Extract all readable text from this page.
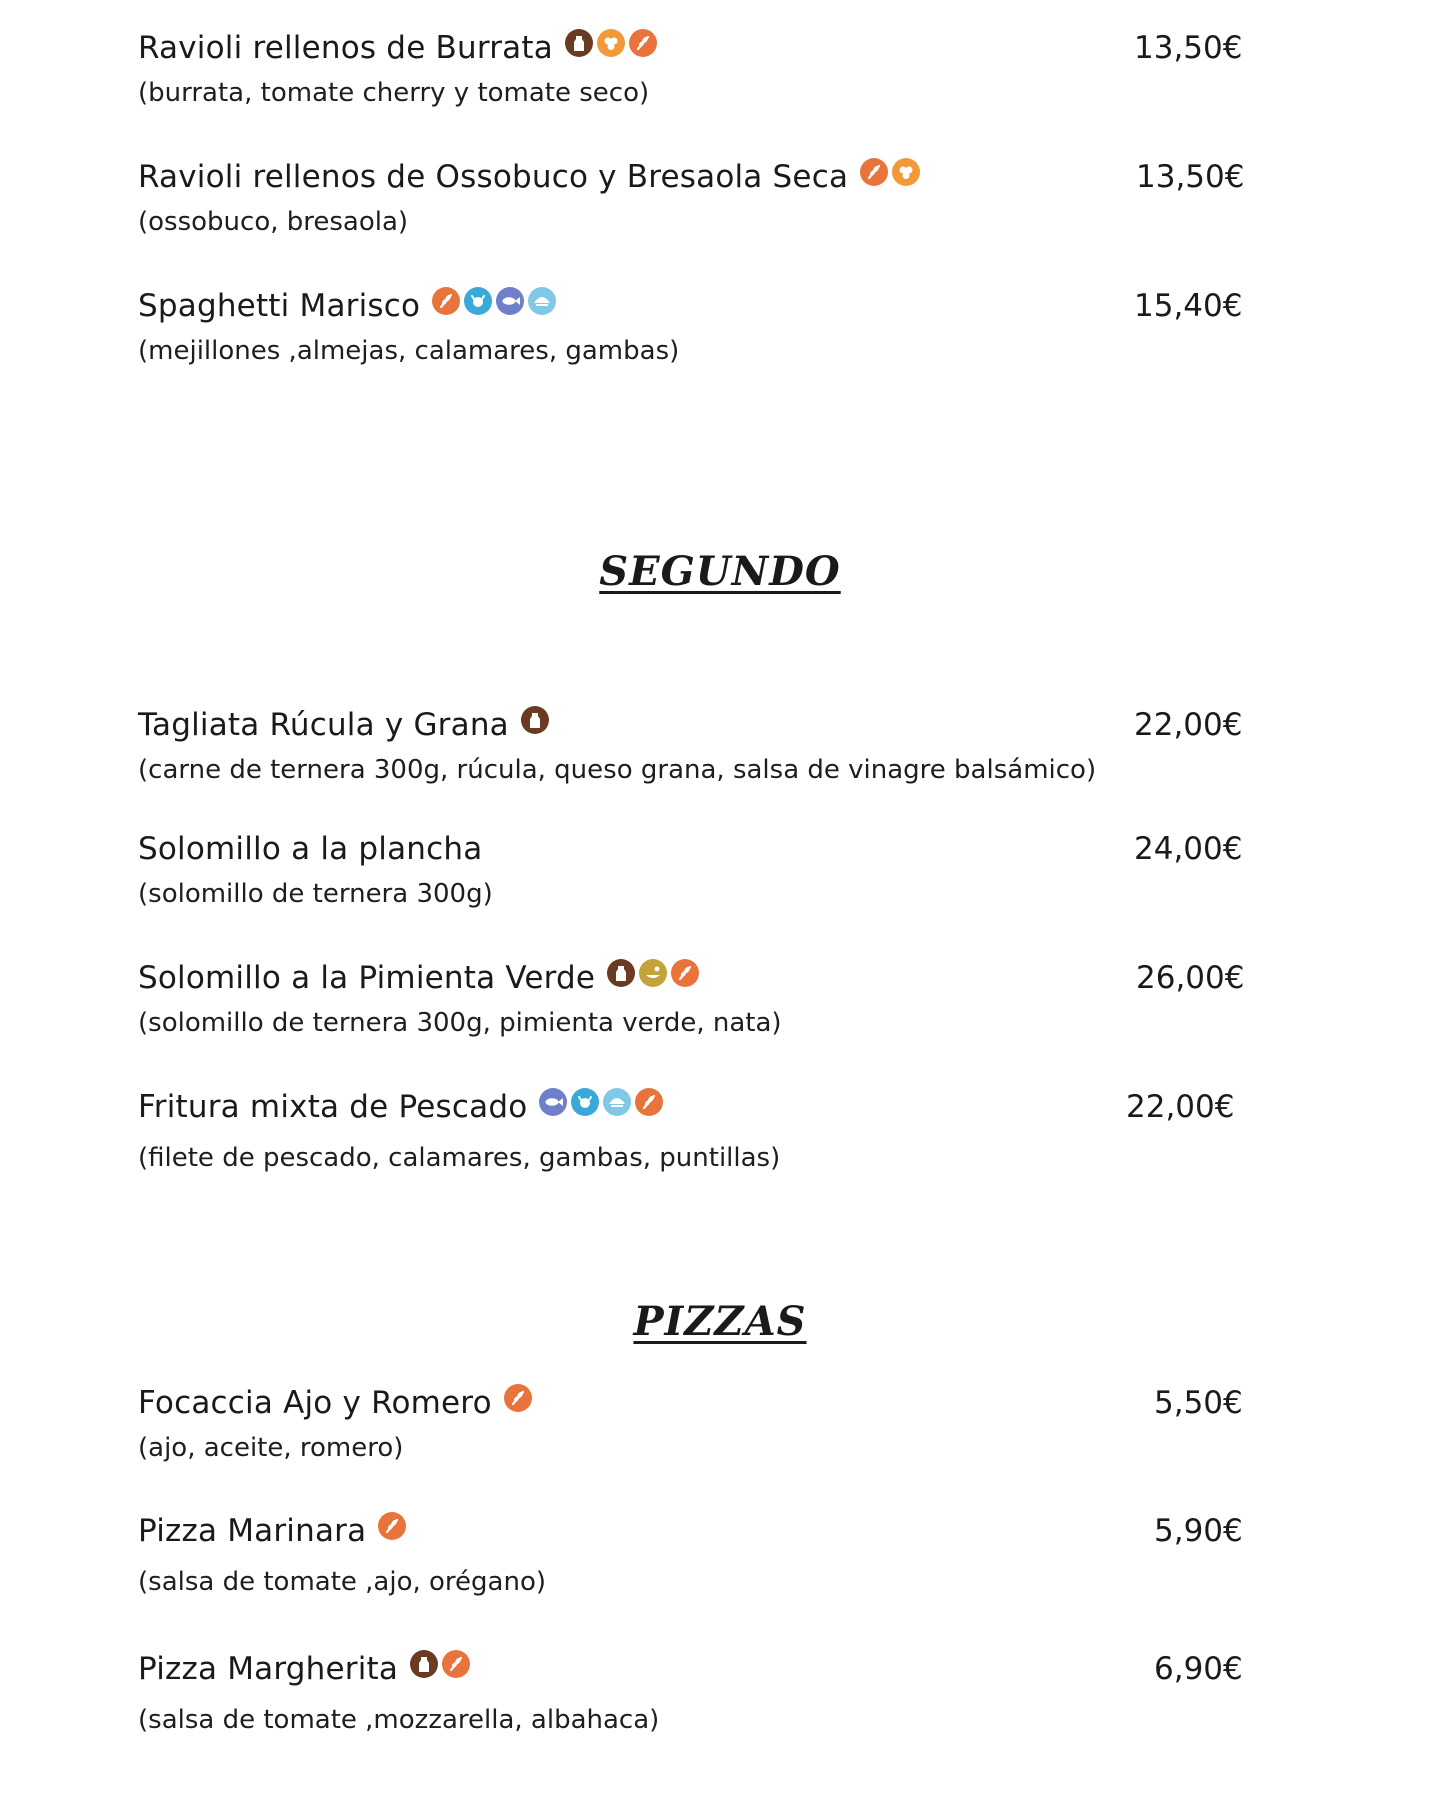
Ravioli rellenos de Burrata
(burrata, tomate cherry y tomate seco)
13,50€
Ravioli rellenos de Ossobuco y Bresaola Seca
(ossobuco, bresaola)
13,50€
Spaghetti Marisco
(mejillones ,almejas, calamares, gambas)
15,40€
SEGUNDO
Tagliata Rúcula y Grana
(carne de ternera 300g, rúcula, queso grana, salsa de vinagre balsámico)
22,00€
Solomillo a la plancha
(solomillo de ternera 300g)
24,00€
Solomillo a la Pimienta Verde
(solomillo de ternera 300g, pimienta verde, nata)
26,00€
Fritura mixta de Pescado
(filete de pescado, calamares, gambas, puntillas)
22,00€
PIZZAS
Focaccia Ajo y Romero
(ajo, aceite, romero)
5,50€
Pizza Marinara
(salsa de tomate ,ajo, orégano)
5,90€
Pizza Margherita
(salsa de tomate ,mozzarella, albahaca)
6,90€
